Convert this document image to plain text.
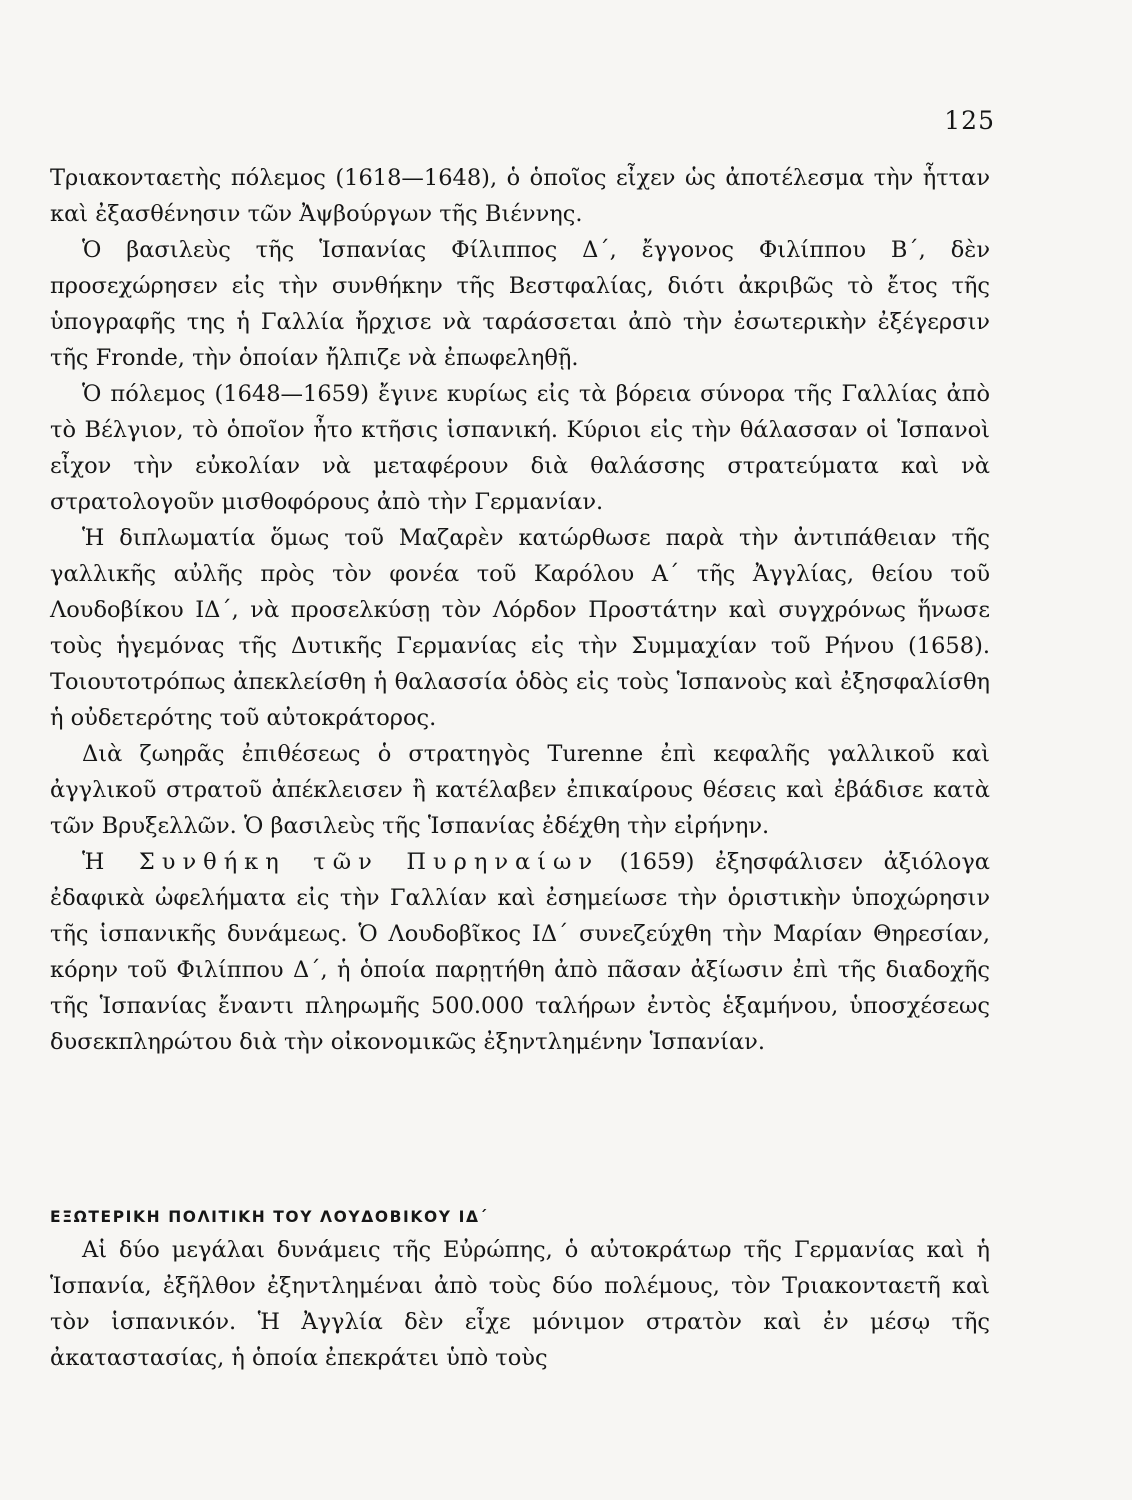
125

Τριακονταετὴς πόλεμος (1618—1648), ὁ ὁποῖος εἶχεν ὡς ἀποτέλεσμα τὴν ἧτταν καὶ ἐξασθένησιν τῶν Ἀψβούργων τῆς Βιέννης.

Ὁ βασιλεὺς τῆς Ἱσπανίας Φίλιππος Δ΄, ἔγγονος Φιλίππου Β΄, δὲν προσεχώρησεν εἰς τὴν συνθήκην τῆς Βεστφαλίας, διότι ἀκριβῶς τὸ ἔτος τῆς ὑπογραφῆς της ἡ Γαλλία ἤρχισε νὰ ταράσσεται ἀπὸ τὴν ἐσωτερικὴν ἐξέγερσιν τῆς Fronde, τὴν ὁποίαν ἤλπιζε νὰ ἐπωφεληθῇ.

Ὁ πόλεμος (1648—1659) ἔγινε κυρίως εἰς τὰ βόρεια σύνορα τῆς Γαλλίας ἀπὸ τὸ Βέλγιον, τὸ ὁποῖον ἦτο κτῆσις ἱσπανική. Κύριοι εἰς τὴν θάλασσαν οἱ Ἱσπανοὶ εἶχον τὴν εὐκολίαν νὰ μεταφέρουν διὰ θαλάσσης στρατεύματα καὶ νὰ στρατολογοῦν μισθοφόρους ἀπὸ τὴν Γερμανίαν.

Ἡ διπλωματία ὅμως τοῦ Μαζαρὲν κατώρθωσε παρὰ τὴν ἀντιπάθειαν τῆς γαλλικῆς αὐλῆς πρὸς τὸν φονέα τοῦ Καρόλου Α΄ τῆς Ἀγγλίας, θείου τοῦ Λουδοβίκου ΙΔ΄, νὰ προσελκύσῃ τὸν Λόρδον Προστάτην καὶ συγχρόνως ἥνωσε τοὺς ἡγεμόνας τῆς Δυτικῆς Γερμανίας εἰς τὴν Συμμαχίαν τοῦ Ρήνου (1658). Τοιουτοτρόπως ἀπεκλείσθη ἡ θαλασσία ὁδὸς εἰς τοὺς Ἱσπανοὺς καὶ ἐξησφαλίσθη ἡ οὐδετερότης τοῦ αὐτοκράτορος.

Διὰ ζωηρᾶς ἐπιθέσεως ὁ στρατηγὸς Turenne ἐπὶ κεφαλῆς γαλλικοῦ καὶ ἀγγλικοῦ στρατοῦ ἀπέκλεισεν ἢ κατέλαβεν ἐπικαίρους θέσεις καὶ ἐβάδισε κατὰ τῶν Βρυξελλῶν. Ὁ βασιλεὺς τῆς Ἱσπανίας ἐδέχθη τὴν εἰρήνην.

Ἡ Συνθήκη τῶν Πυρηναίων (1659) ἐξησφάλισεν ἀξιόλογα ἐδαφικὰ ὠφελήματα εἰς τὴν Γαλλίαν καὶ ἐσημείωσε τὴν ὁριστικὴν ὑποχώρησιν τῆς ἱσπανικῆς δυνάμεως. Ὁ Λουδοβῖκος ΙΔ΄ συνεζεύχθη τὴν Μαρίαν Θηρεσίαν, κόρην τοῦ Φιλίππου Δ΄, ἡ ὁποία παρῃτήθη ἀπὸ πᾶσαν ἀξίωσιν ἐπὶ τῆς διαδοχῆς τῆς Ἱσπανίας ἔναντι πληρωμῆς 500.000 ταλήρων ἐντὸς ἑξαμήνου, ὑποσχέσεως δυσεκπληρώτου διὰ τὴν οἰκονομικῶς ἐξηντλημένην Ἱσπανίαν.

ΕΞΩΤΕΡΙΚΗ ΠΟΛΙΤΙΚΗ ΤΟΥ ΛΟΥΔΟΒΙΚΟΥ ΙΔ΄

Αἱ δύο μεγάλαι δυνάμεις τῆς Εὐρώπης, ὁ αὐτοκράτωρ τῆς Γερμανίας καὶ ἡ Ἱσπανία, ἐξῆλθον ἐξηντλημέναι ἀπὸ τοὺς δύο πολέμους, τὸν Τριακονταετῆ καὶ τὸν ἱσπανικόν. Ἡ Ἀγγλία δὲν εἶχε μόνιμον στρατὸν καὶ ἐν μέσῳ τῆς ἀκαταστασίας, ἡ ὁποία ἐπεκράτει ὑπὸ τοὺς
